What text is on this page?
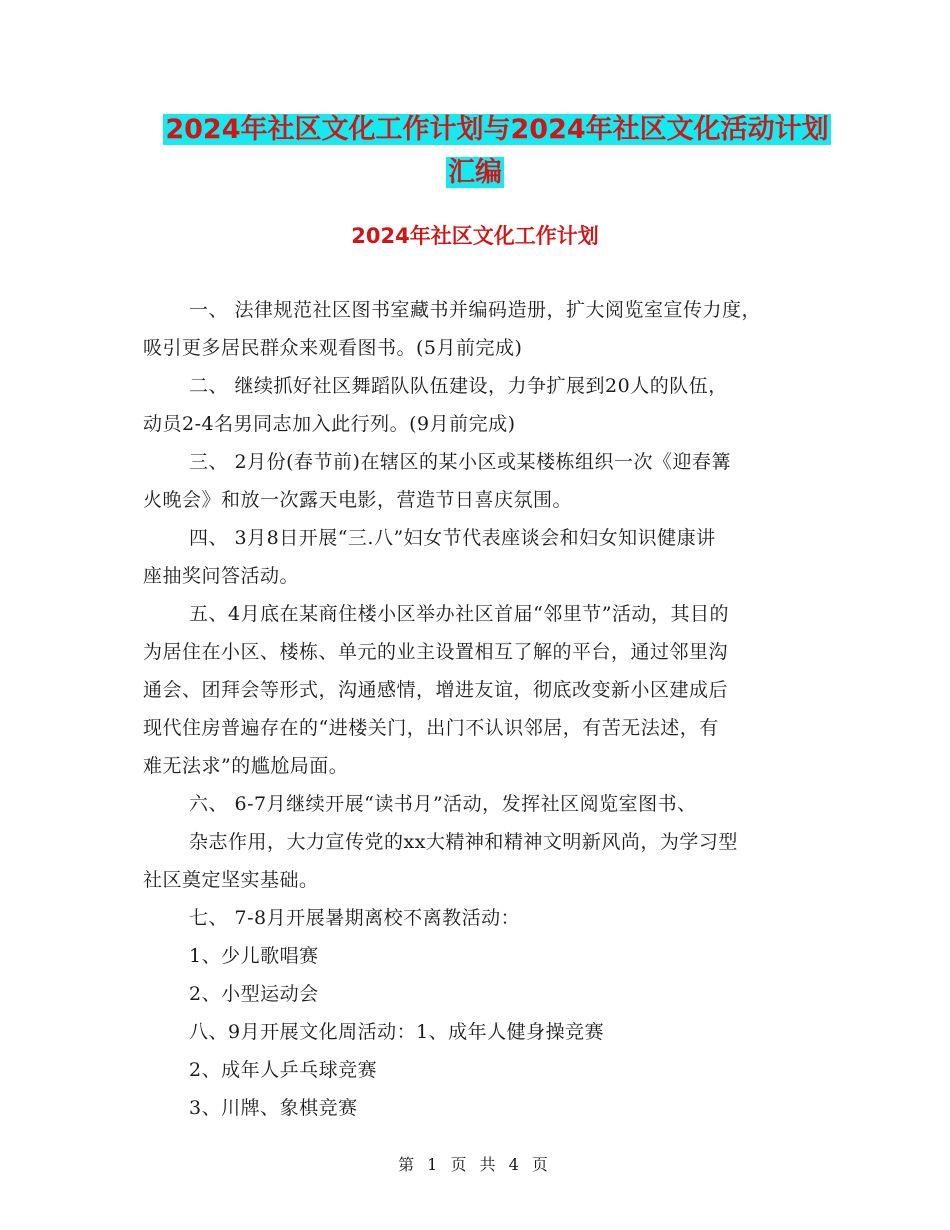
2024年社区文化工作计划与2024年社区文化活动计划
汇编
2024年社区文化工作计划
一、 法律规范社区图书室藏书并编码造册，扩大阅览室宣传力度，
吸引更多居民群众来观看图书。(5月前完成)
二、 继续抓好社区舞蹈队队伍建设，力争扩展到20人的队伍，
动员2-4名男同志加入此行列。(9月前完成)
三、 2月份(春节前)在辖区的某小区或某楼栋组织一次《迎春篝
火晚会》和放一次露天电影，营造节日喜庆氛围。
四、 3月8日开展“三.八”妇女节代表座谈会和妇女知识健康讲
座抽奖问答活动。
五、4月底在某商住楼小区举办社区首届“邻里节”活动，其目的
为居住在小区、楼栋、单元的业主设置相互了解的平台，通过邻里沟
通会、团拜会等形式，沟通感情，增进友谊，彻底改变新小区建成后
现代住房普遍存在的“进楼关门，出门不认识邻居，有苦无法述，有
难无法求”的尴尬局面。
六、 6-7月继续开展“读书月”活动，发挥社区阅览室图书、
杂志作用，大力宣传党的xx大精神和精神文明新风尚，为学习型
社区奠定坚实基础。
七、 7-8月开展暑期离校不离教活动：
1、少儿歌唱赛
2、小型运动会
八、9月开展文化周活动：1、成年人健身操竞赛
2、成年人乒乓球竞赛
3、川牌、象棋竞赛
第 1 页 共 4 页
